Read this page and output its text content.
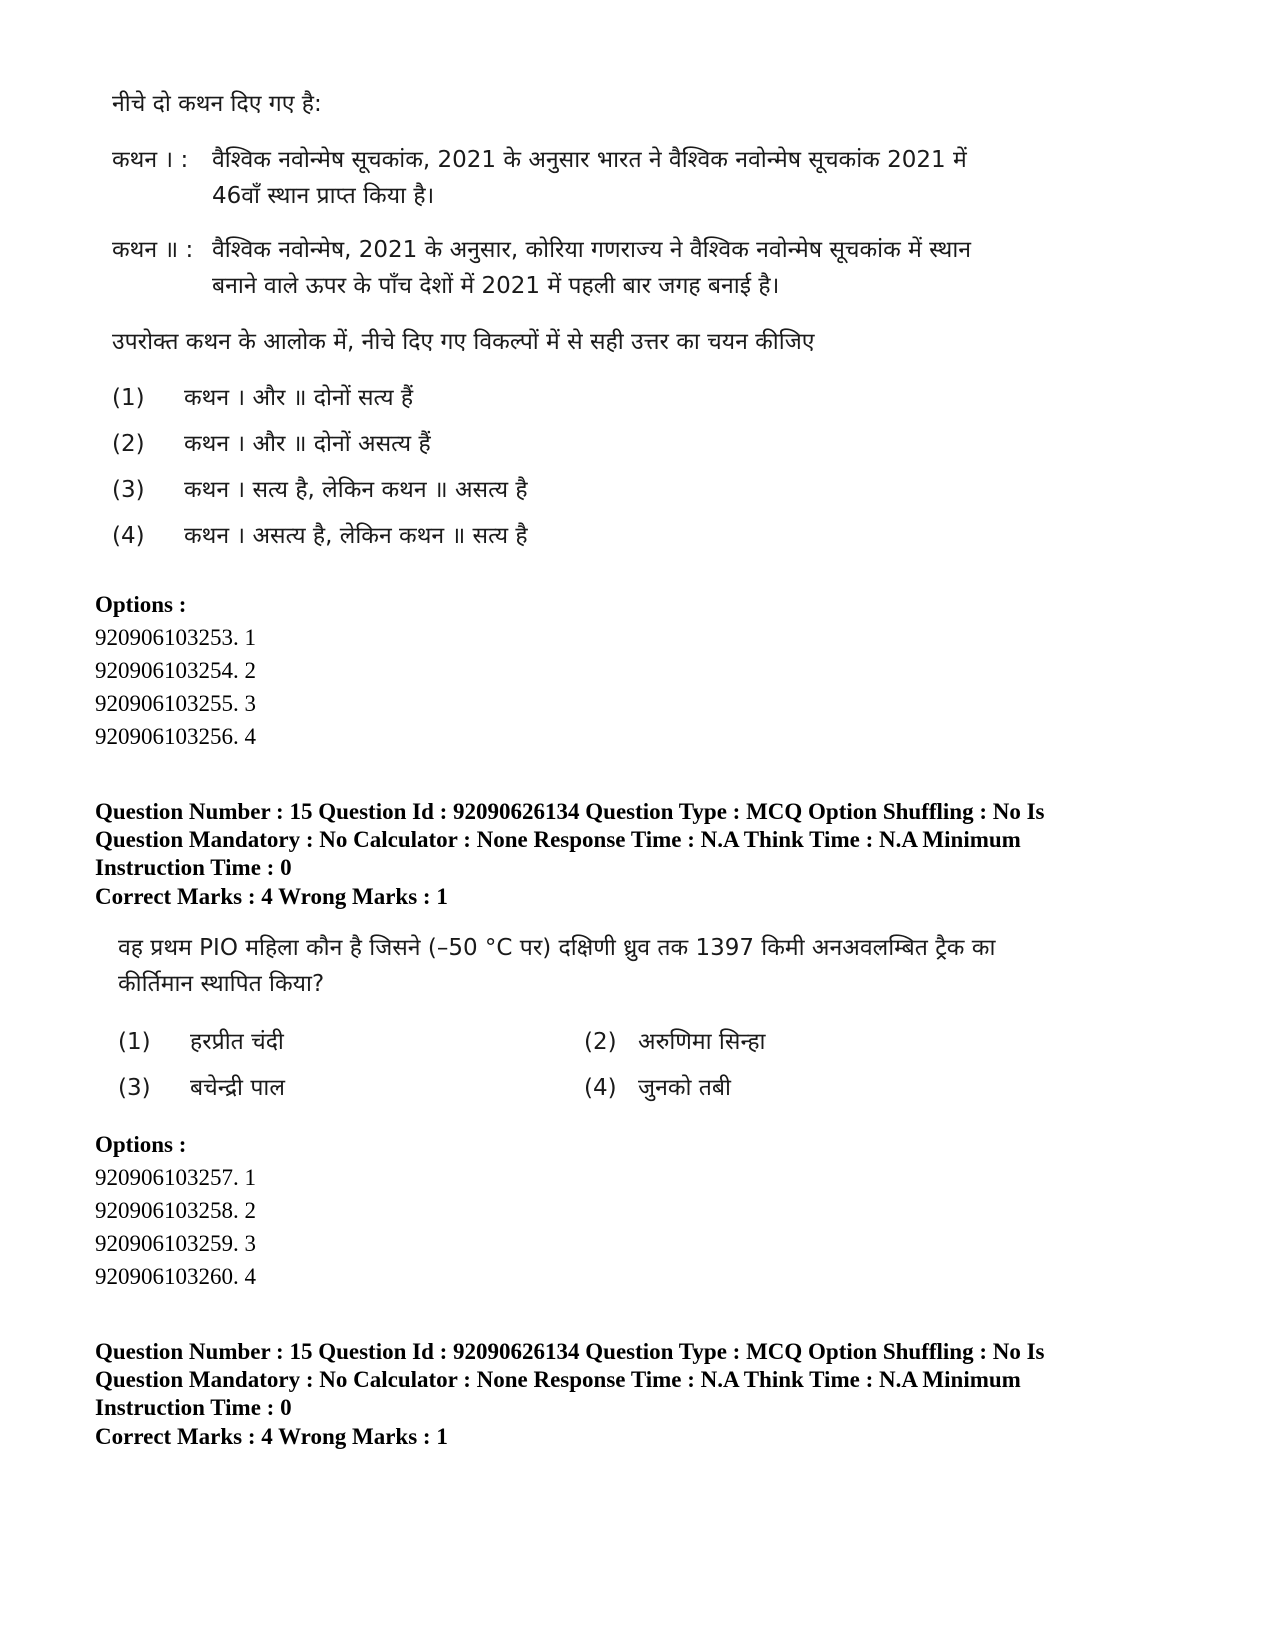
नीचे दो कथन दिए गए है:
कथन । : वैश्विक नवोन्मेष सूचकांक, 2021 के अनुसार भारत ने वैश्विक नवोन्मेष सूचकांक 2021 में
46वाँ स्थान प्राप्त किया है।
कथन ॥ : वैश्विक नवोन्मेष, 2021 के अनुसार, कोरिया गणराज्य ने वैश्विक नवोन्मेष सूचकांक में स्थान
बनाने वाले ऊपर के पाँच देशों में 2021 में पहली बार जगह बनाई है।
उपरोक्त कथन के आलोक में, नीचे दिए गए विकल्पों में से सही उत्तर का चयन कीजिए
(1) कथन । और ॥ दोनों सत्य हैं
(2) कथन । और ॥ दोनों असत्य हैं
(3) कथन । सत्य है, लेकिन कथन ॥ असत्य है
(4) कथन । असत्य है, लेकिन कथन ॥ सत्य है
Options :
920906103253. 1
920906103254. 2
920906103255. 3
920906103256. 4
Question Number : 15 Question Id : 92090626134 Question Type : MCQ Option Shuffling : No Is
Question Mandatory : No Calculator : None Response Time : N.A Think Time : N.A Minimum
Instruction Time : 0
Correct Marks : 4 Wrong Marks : 1
वह प्रथम PIO महिला कौन है जिसने (–50 °C पर) दक्षिणी ध्रुव तक 1397 किमी अनअवलम्बित ट्रैक का
कीर्तिमान स्थापित किया?
(1) हरप्रीत चंदी	(2) अरुणिमा सिन्हा
(3) बचेन्द्री पाल	(4) जुनको तबी
Options :
920906103257. 1
920906103258. 2
920906103259. 3
920906103260. 4
Question Number : 15 Question Id : 92090626134 Question Type : MCQ Option Shuffling : No Is
Question Mandatory : No Calculator : None Response Time : N.A Think Time : N.A Minimum
Instruction Time : 0
Correct Marks : 4 Wrong Marks : 1
